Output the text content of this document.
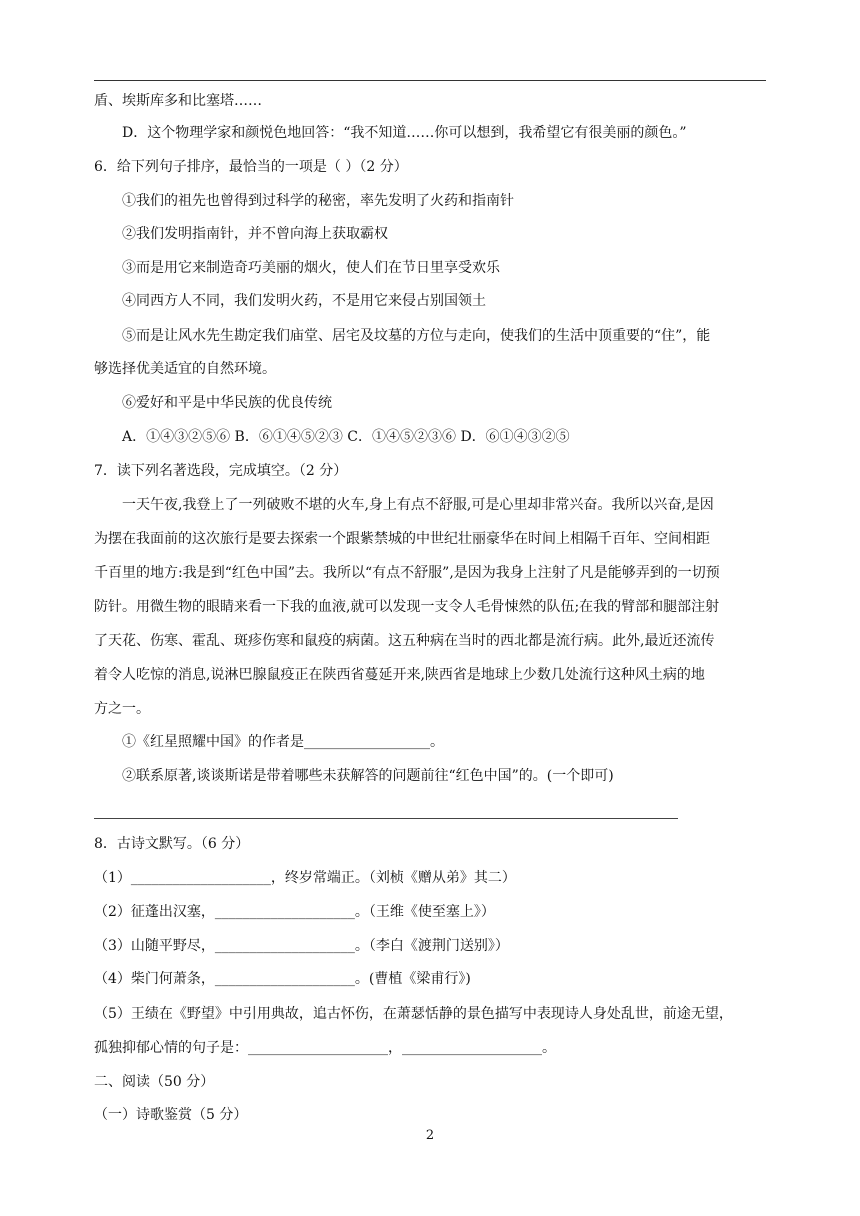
盾、埃斯库多和比塞塔……
D．这个物理学家和颜悦色地回答：“我不知道……你可以想到，我希望它有很美丽的颜色。”
6．给下列句子排序，最恰当的一项是（ ）（2 分）
①我们的祖先也曾得到过科学的秘密，率先发明了火药和指南针
②我们发明指南针，并不曾向海上获取霸权
③而是用它来制造奇巧美丽的烟火，使人们在节日里享受欢乐
④同西方人不同，我们发明火药，不是用它来侵占别国领土
⑤而是让风水先生勘定我们庙堂、居宅及坟墓的方位与走向，使我们的生活中顶重要的“住”，能
够选择优美适宜的自然环境。
⑥爱好和平是中华民族的优良传统
A．①④③②⑤⑥ B．⑥①④⑤②③ C．①④⑤②③⑥ D．⑥①④③②⑤
7．读下列名著选段，完成填空。（2 分）
一天午夜,我登上了一列破败不堪的火车,身上有点不舒服,可是心里却非常兴奋。我所以兴奋,是因
为摆在我面前的这次旅行是要去探索一个跟紫禁城的中世纪壮丽豪华在时间上相隔千百年、空间相距
千百里的地方:我是到“红色中国”去。我所以“有点不舒服”,是因为我身上注射了凡是能够弄到的一切预
防针。用微生物的眼睛来看一下我的血液,就可以发现一支令人毛骨悚然的队伍;在我的臂部和腿部注射
了天花、伤寒、霍乱、斑疹伤寒和鼠疫的病菌。这五种病在当时的西北都是流行病。此外,最近还流传
着令人吃惊的消息,说淋巴腺鼠疫正在陕西省蔓延开来,陕西省是地球上少数几处流行这种风土病的地
方之一。
①《红星照耀中国》的作者是__________________。
②联系原著,谈谈斯诺是带着哪些未获解答的问题前往“红色中国”的。(一个即可)
8．古诗文默写。（6 分）
（1）____________________，终岁常端正。（刘桢《赠从弟》其二）
（2）征蓬出汉塞，____________________。（王维《使至塞上》）
（3）山随平野尽，____________________。（李白《渡荆门送别》）
（4）柴门何萧条，____________________。(曹植《梁甫行》)
（5）王绩在《野望》中引用典故，追古怀伤，在萧瑟恬静的景色描写中表现诗人身处乱世，前途无望，
孤独抑郁心情的句子是：____________________，____________________。
二、阅读（50 分）
（一）诗歌鉴赏（5 分）
2
